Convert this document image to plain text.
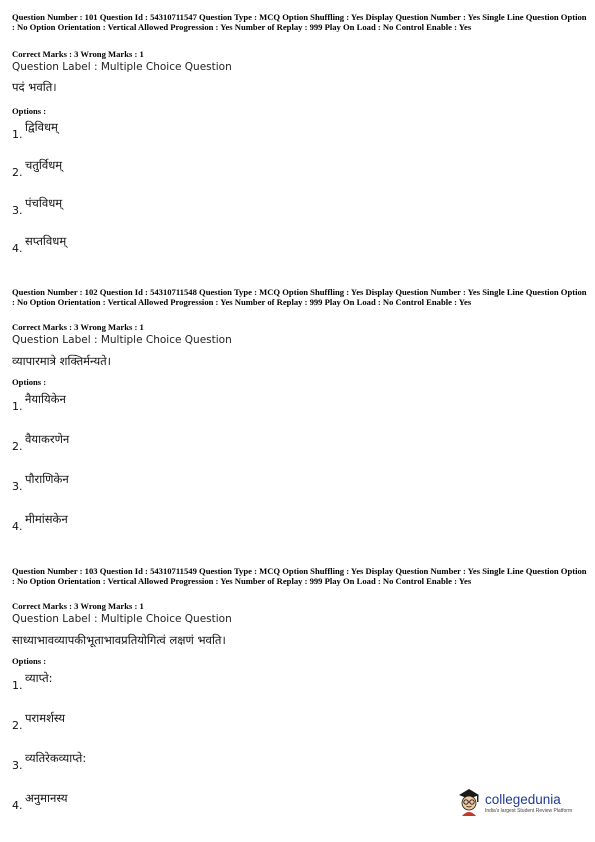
Question Number : 101 Question Id : 54310711547 Question Type : MCQ Option Shuffling : Yes Display Question Number : Yes Single Line Question Option : No Option Orientation : Vertical Allowed Progression : Yes Number of Replay : 999 Play On Load : No Control Enable : Yes
Correct Marks : 3 Wrong Marks : 1
Question Label : Multiple Choice Question
पदं भवति।
Options :
1.
द्विविधम्
2.
चतुर्विधम्
3.
पंचविधम्
4.
सप्तविधम्
Question Number : 102 Question Id : 54310711548 Question Type : MCQ Option Shuffling : Yes Display Question Number : Yes Single Line Question Option : No Option Orientation : Vertical Allowed Progression : Yes Number of Replay : 999 Play On Load : No Control Enable : Yes
Correct Marks : 3 Wrong Marks : 1
Question Label : Multiple Choice Question
व्यापारमात्रे शक्तिर्मन्यते।
Options :
1.
नैयायिकेन
2.
वैयाकरणेन
3.
पौराणिकेन
4.
मीमांसकेन
Question Number : 103 Question Id : 54310711549 Question Type : MCQ Option Shuffling : Yes Display Question Number : Yes Single Line Question Option : No Option Orientation : Vertical Allowed Progression : Yes Number of Replay : 999 Play On Load : No Control Enable : Yes
Correct Marks : 3 Wrong Marks : 1
Question Label : Multiple Choice Question
साध्याभावव्यापकीभूताभावप्रतियोगित्वं लक्षणं भवति।
Options :
1.
व्याप्ते:
2.
परामर्शस्य
3.
व्यतिरेकव्याप्ते:
4.
अनुमानस्य	collegedunia
India's largest Student Review Platform
